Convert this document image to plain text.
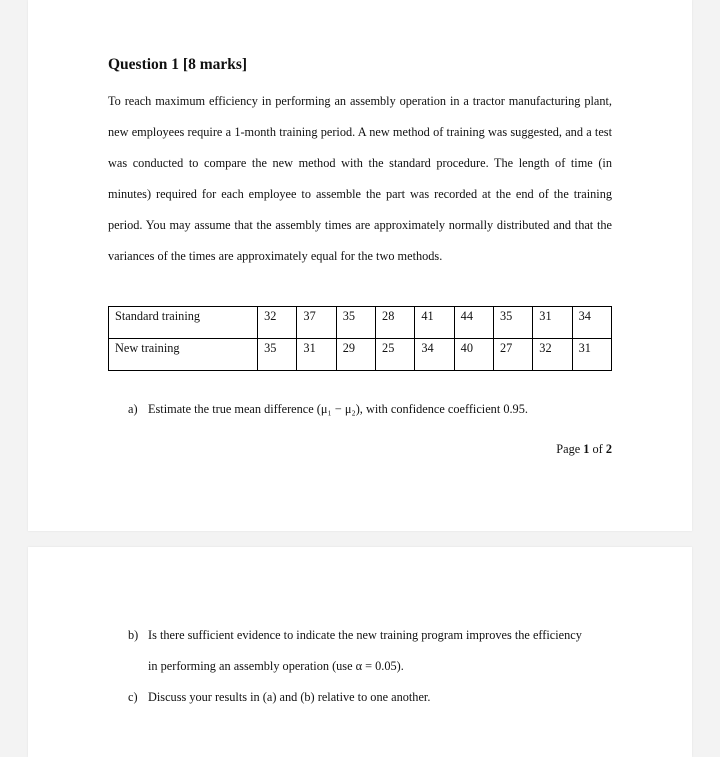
Question 1 [8 marks]

To reach maximum efficiency in performing an assembly operation in a tractor manufacturing plant, new employees require a 1-month training period. A new method of training was suggested, and a test was conducted to compare the new method with the standard procedure. The length of time (in minutes) required for each employee to assemble the part was recorded at the end of the training period. You may assume that the assembly times are approximately normally distributed and that the variances of the times are approximately equal for the two methods.

Standard training	32	37	35	28	41	44	35	31	34
New training	35	31	29	25	34	40	27	32	31
a) Estimate the true mean difference (μ₁ − μ₂), with confidence coefficient 0.95.
Page 1 of 2
b) Is there sufficient evidence to indicate the new training program improves the efficiency
in performing an assembly operation (use α = 0.05).
c) Discuss your results in (a) and (b) relative to one another.
